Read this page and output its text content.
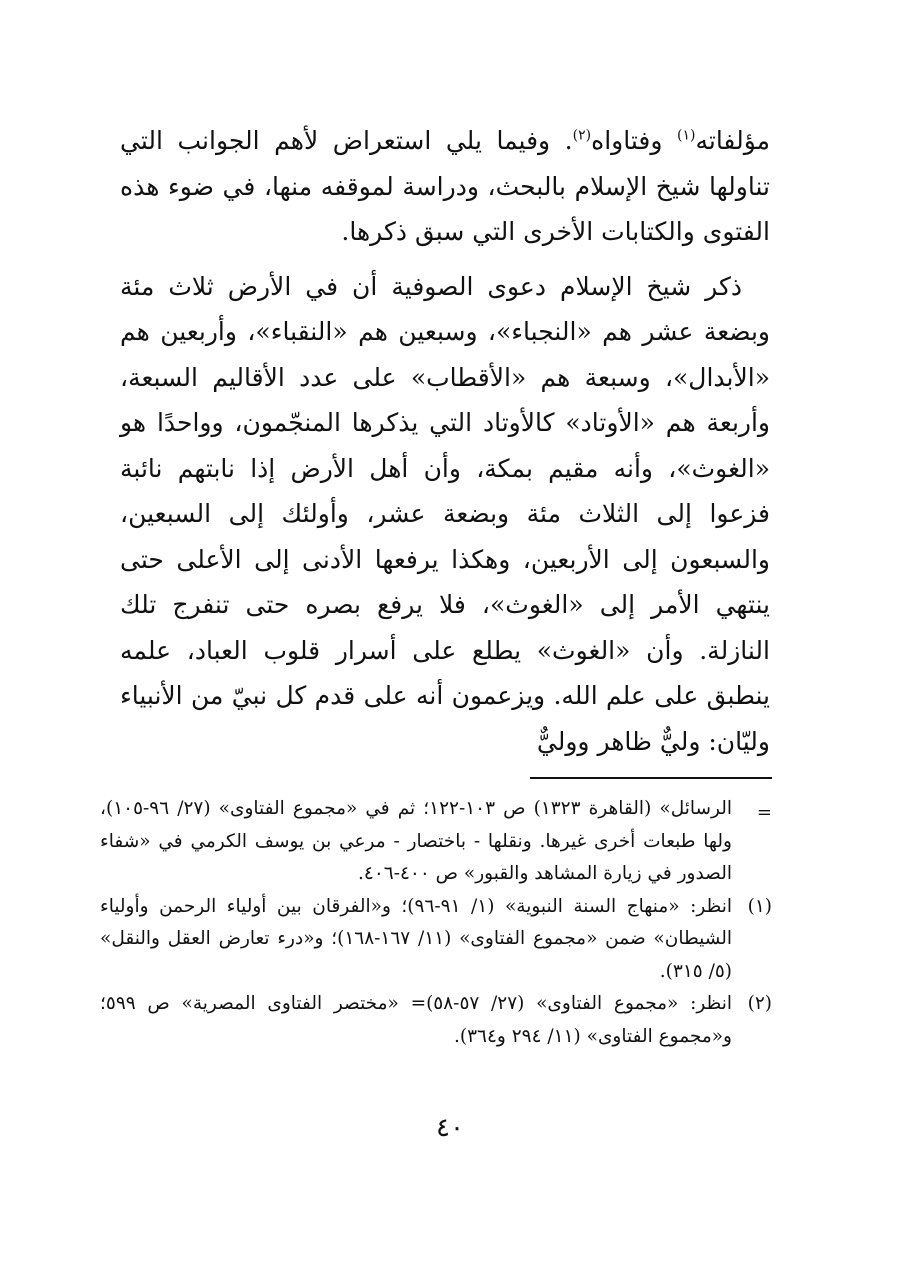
مؤلفاته$^{(١)}$ وفتاواه$^{(٢)}$. وفيما يلي استعراض لأهم الجوانب التي تناولها شيخ الإسلام بالبحث، ودراسة لموقفه منها، في ضوء هذه الفتوى والكتابات الأخرى التي سبق ذكرها.

ذكر شيخ الإسلام دعوى الصوفية أن في الأرض ثلاث مئة وبضعة عشر هم «النجباء»، وسبعين هم «النقباء»، وأربعين هم «الأبدال»، وسبعة هم «الأقطاب» على عدد الأقاليم السبعة، وأربعة هم «الأوتاد» كالأوتاد التي يذكرها المنجّمون، وواحدًا هو «الغوث»، وأنه مقيم بمكة، وأن أهل الأرض إذا نابتهم نائبة فزعوا إلى الثلاث مئة وبضعة عشر، وأولئك إلى السبعين، والسبعون إلى الأربعين، وهكذا يرفعها الأدنى إلى الأعلى حتى ينتهي الأمر إلى «الغوث»، فلا يرفع بصره حتى تنفرج تلك النازلة. وأن «الغوث» يطلع على أسرار قلوب العباد، علمه ينطبق على علم الله. ويزعمون أنه على قدم كل نبيّ من الأنبياء وليّان: وليٌّ ظاهر ووليٌّ

=
الرسائل» (القاهرة ١٣٢٣) ص ١٠٣-١٢٢؛ ثم في «مجموع الفتاوى» (٢٧/ ٩٦-١٠٥)، ولها طبعات أخرى غيرها. ونقلها - باختصار - مرعي بن يوسف الكرمي في «شفاء الصدور في زيارة المشاهد والقبور» ص ٤٠٠-٤٠٦.
(١)
انظر: «منهاج السنة النبوية» (١/ ٩١-٩٦)؛ و«الفرقان بين أولياء الرحمن وأولياء الشيطان» ضمن «مجموع الفتاوى» (١١/ ١٦٧-١٦٨)؛ و«درء تعارض العقل والنقل» (٥/ ٣١٥).
(٢)
انظر: «مجموع الفتاوى» (٢٧/ ٥٧-٥٨)= «مختصر الفتاوى المصرية» ص ٥٩٩؛ و«مجموع الفتاوى» (١١/ ٢٩٤ و٣٦٤).
٤٠
